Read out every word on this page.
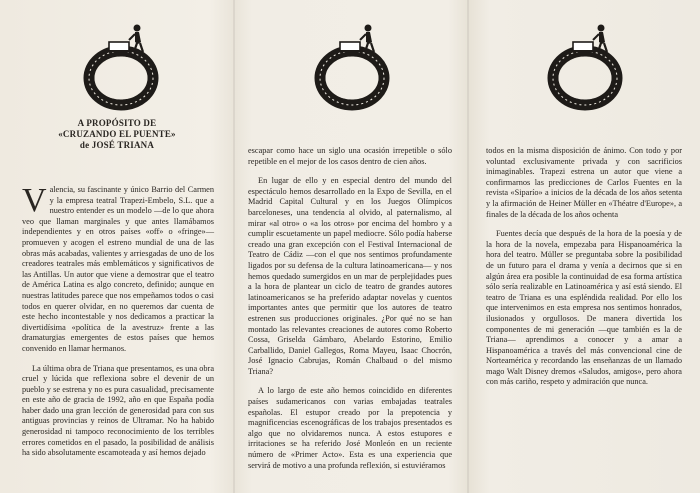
A PROPÓSITO DE
«CRUZANDO EL PUENTE»
de JOSÉ TRIANA

Valencia, su fascinante y único Barrio del Carmen y la empresa teatral Trapezi-Embelo, S.L. que a nuestro entender es un modelo —de lo que ahora veo que llaman marginales y que antes llamábamos independientes y en otros países «off» o «fringe»— promueven y acogen el estreno mundial de una de las obras más acabadas, valientes y arriesgadas de uno de los creadores teatrales más emblemáticos y significativos de las Antillas. Un autor que viene a demostrar que el teatro de América Latina es algo concreto, definido; aunque en nuestras latitudes parece que nos empeñamos todos o casi todos en querer olvidar, en no queremos dar cuenta de este hecho incontestable y nos dedicamos a practicar la divertidísima «política de la avestruz» frente a las dramaturgias emergentes de estos países que hemos convenido en llamar hermanos.

La última obra de Triana que presentamos, es una obra cruel y lúcida que reflexiona sobre el devenir de un pueblo y se estrena y no es pura casualidad, precisamente en este año de gracia de 1992, año en que España podía haber dado una gran lección de generosidad para con sus antiguas provincias y reinos de Ultramar. No ha habido generosidad ni tampoco reconocimiento de los terribles errores cometidos en el pasado, la posibilidad de análisis ha sido absolutamente escamoteada y así hemos dejado

escapar como hace un siglo una ocasión irrepetible o sólo repetible en el mejor de los casos dentro de cien años.

En lugar de ello y en especial dentro del mundo del espectáculo hemos desarrollado en la Expo de Sevilla, en el Madrid Capital Cultural y en los Juegos Olímpicos barceloneses, una tendencia al olvido, al paternalismo, al mirar «al otro» o «a los otros» por encima del hombro y a cumplir escuetamente un papel mediocre. Sólo podía haberse creado una gran excepción con el Festival Internacional de Teatro de Cádiz —con el que nos sentimos profundamente ligados por su defensa de la cultura latinoamericana— y nos hemos quedado sumergidos en un mar de perplejidades pues a la hora de plantear un ciclo de teatro de grandes autores latinoamericanos se ha preferido adaptar novelas y cuentos importantes antes que permitir que los autores de teatro estrenen sus producciones originales. ¿Por qué no se han montado las relevantes creaciones de autores como Roberto Cossa, Griselda Gámbaro, Abelardo Estorino, Emilio Carballido, Daniel Gallegos, Roma Mayeu, Isaac Chocrón, José Ignacio Cabrujas, Román Chalbaud o del mismo Triana?

A lo largo de este año hemos coincidido en diferentes países sudamericanos con varias embajadas teatrales españolas. El estupor creado por la prepotencia y magnificencias escenográficas de los trabajos presentados es algo que no olvidaremos nunca. A estos estupores e irritaciones se ha referido José Monleón en un reciente número de «Primer Acto». Esta es una experiencia que servirá de motivo a una profunda reflexión, si estuviéramos

todos en la misma disposición de ánimo. Con todo y por voluntad exclusivamente privada y con sacrificios inimaginables. Trapezi estrena un autor que viene a confirmarnos las predicciones de Carlos Fuentes en la revista «Siparío» a inicios de la década de los años setenta y la afirmación de Heiner Müller en «Théatre d'Europe», a finales de la década de los años ochenta

Fuentes decía que después de la hora de la poesía y de la hora de la novela, empezaba para Hispanoamérica la hora del teatro. Müller se preguntaba sobre la posibilidad de un futuro para el drama y venía a decirnos que si en algún área era posible la continuidad de esa forma artística sólo sería realizable en Latinoamérica y así está siendo. El teatro de Triana es una espléndida realidad. Por ello los que intervenimos en esta empresa nos sentimos honrados, ilusionados y orgullosos. De manera divertida los componentes de mi generación —que también es la de Triana— aprendimos a conocer y a amar a Hispanoamérica a través del más convencional cine de Norteamérica y recordando las enseñanzas de un llamado mago Walt Disney dremos «Saludos, amigos», pero ahora con más cariño, respeto y admiración que nunca.
